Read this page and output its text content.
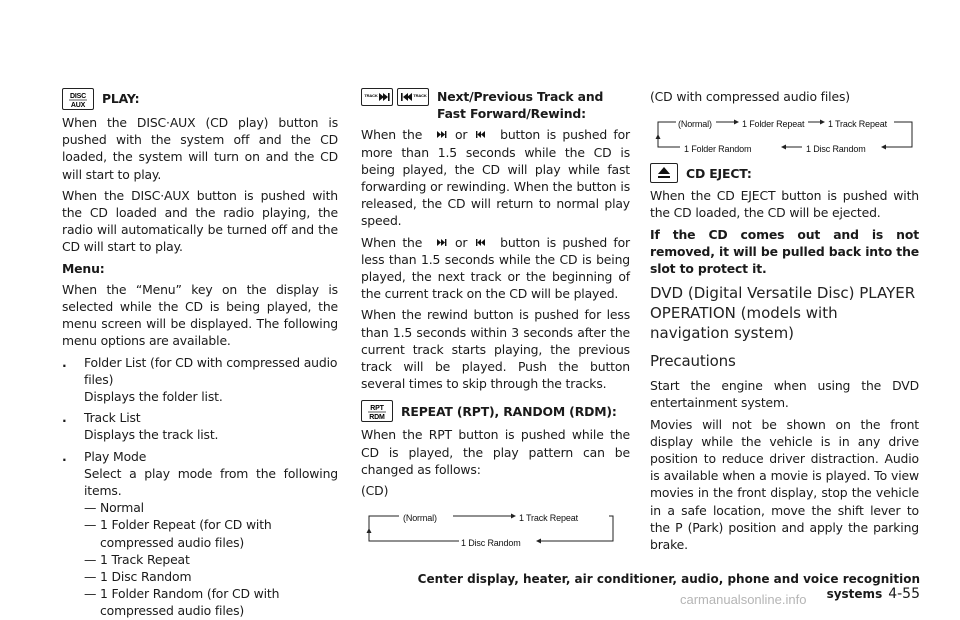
DISC
AUX PLAY:

When the DISC·AUX (CD play) button is pushed with the system off and the CD loaded, the system will turn on and the CD will start to play.

When the DISC·AUX button is pushed with the CD loaded and the radio playing, the radio will automatically be turned off and the CD will start to play.

Menu:

When the “Menu” key on the display is selected while the CD is being played, the menu screen will be displayed. The following menu options are available.

. Folder List (for CD with compressed audio files)

Displays the folder list.

. Track List

Displays the track list.

. Play Mode

Select a play mode from the following items.

— Normal
— 1 Folder Repeat (for CD with compressed audio files)
— 1 Track Repeat
— 1 Disc Random
— 1 Folder Random (for CD with compressed audio files)
TRACK	TRACK Next/Previous Track and Fast Forward/Rewind:

When the	or	button is pushed for more than 1.5 seconds while the CD is being played, the CD will play while fast forwarding or rewinding. When the button is released, the CD will return to normal play speed.

When the	or	button is pushed for less than 1.5 seconds while the CD is being played, the next track or the beginning of the current track on the CD will be played.

When the rewind button is pushed for less than 1.5 seconds within 3 seconds after the current track starts playing, the previous track will be played. Push the button several times to skip through the tracks.

RPT
RDM REPEAT (RPT), RANDOM (RDM):

When the RPT button is pushed while the CD is played, the play pattern can be changed as follows:

(CD)

(Normal)	1 Track Repeat
1 Disc Random

(CD with compressed audio files)

(Normal)	1 Folder Repeat	1 Track Repeat
1 Folder Random	1 Disc Random
CD EJECT:

When the CD EJECT button is pushed with the CD loaded, the CD will be ejected.

If the CD comes out and is not removed, it will be pulled back into the slot to protect it.

DVD (Digital Versatile Disc) PLAYER OPERATION (models with navigation system)
Precautions

Start the engine when using the DVD entertainment system.

Movies will not be shown on the front display while the vehicle is in any drive position to reduce driver distraction. Audio is available when a movie is played. To view movies in the front display, stop the vehicle in a safe location, move the shift lever to the P (Park) position and apply the parking brake.

Center display, heater, air conditioner, audio, phone and voice recognition systems 4-55
carmanualsonline.info
